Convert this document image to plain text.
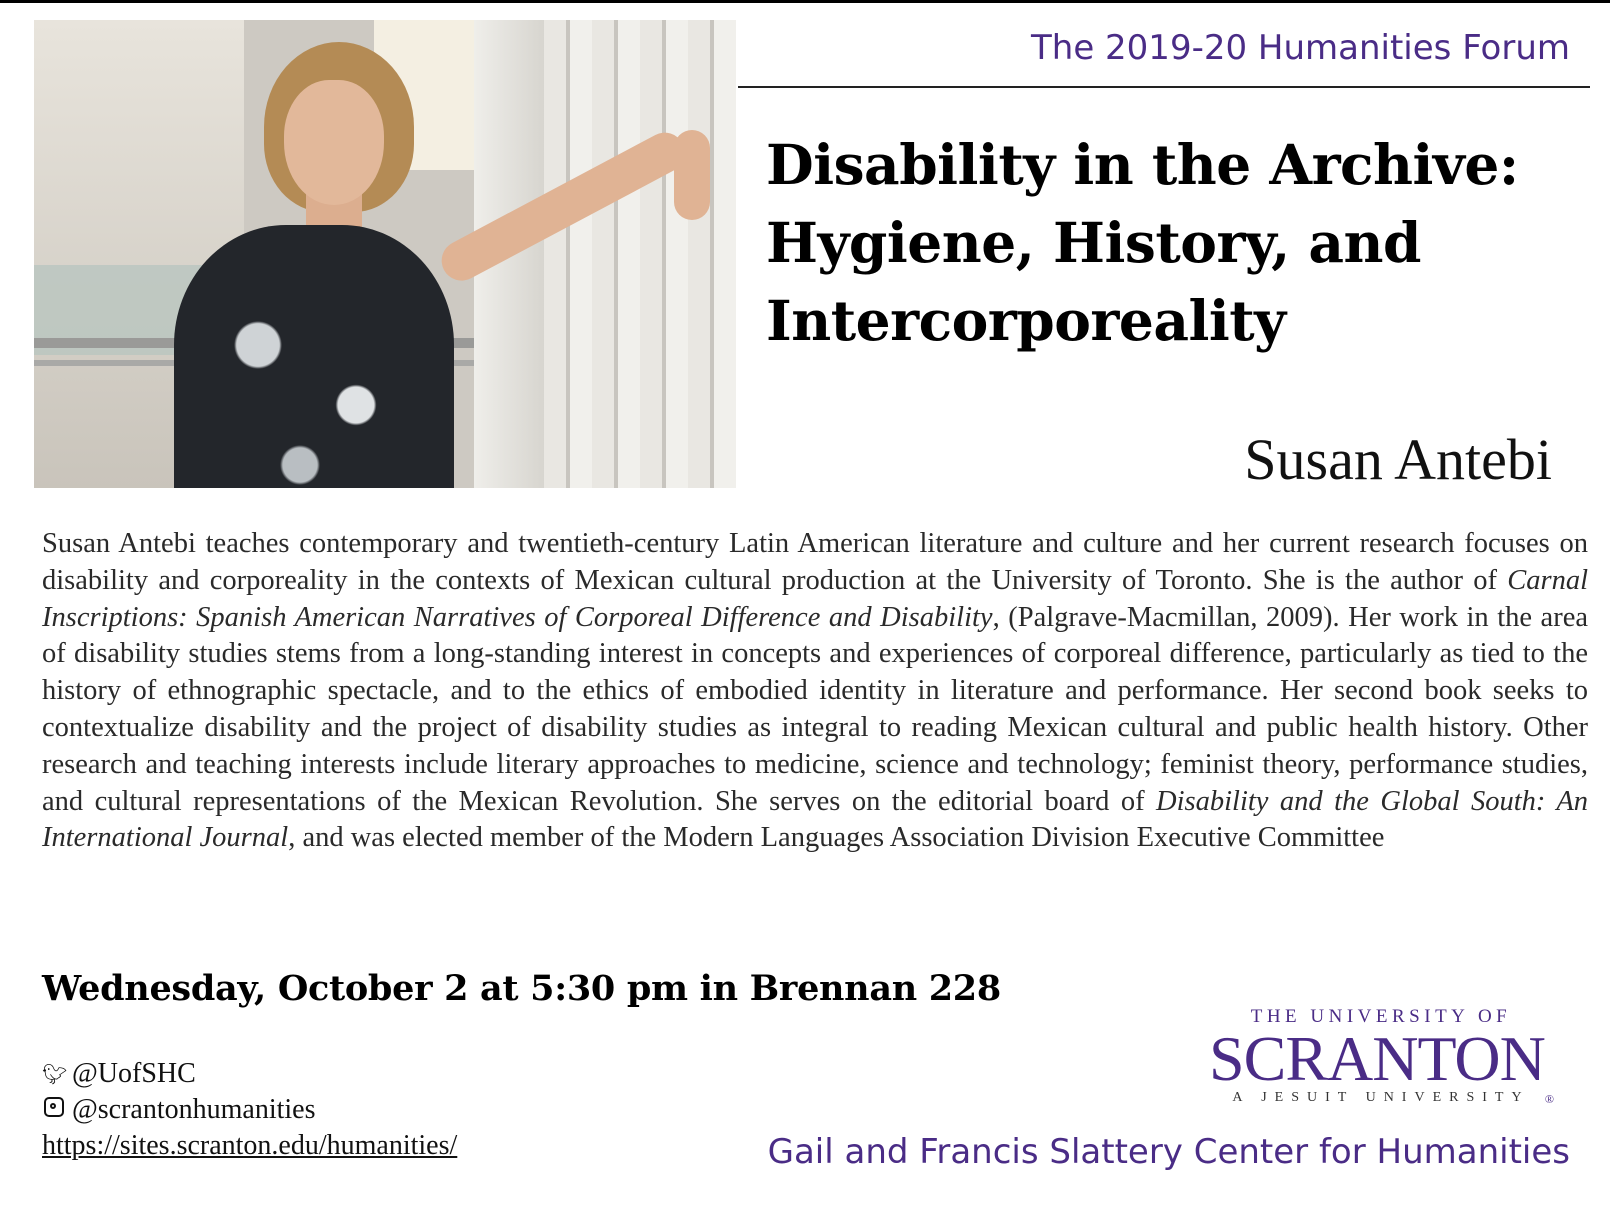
The 2019-20 Humanities Forum
Disability in the Archive:
Hygiene, History, and
Intercorporeality
Susan Antebi

Susan Antebi teaches contemporary and twentieth-century Latin American literature and culture and her current research focuses on disability and corporeality in the contexts of Mexican cultural production at the University of Toronto. She is the author of Carnal Inscriptions: Spanish American Narratives of Corporeal Difference and Disability, (Palgrave-Macmillan, 2009). Her work in the area of disability studies stems from a long-standing interest in concepts and experiences of corporeal difference, particularly as tied to the history of ethnographic spectacle, and to the ethics of embodied identity in literature and performance. Her second book seeks to contextualize disability and the project of disability studies as integral to reading Mexican cultural and public health history. Other research and teaching interests include literary approaches to medicine, science and technology; feminist theory, performance studies, and cultural representations of the Mexican Revolution. She serves on the editorial board of Disability and the Global South: An International Journal, and was elected member of the Modern Languages Association Division Executive Committee

Wednesday, October 2 at 5:30 pm in Brennan 228
🐦︎ @UofSHC
@scrantonhumanities
https://sites.scranton.edu/humanities/
THE UNIVERSITY OF
SCRANTON®
A JESUIT UNIVERSITY
Gail and Francis Slattery Center for Humanities
